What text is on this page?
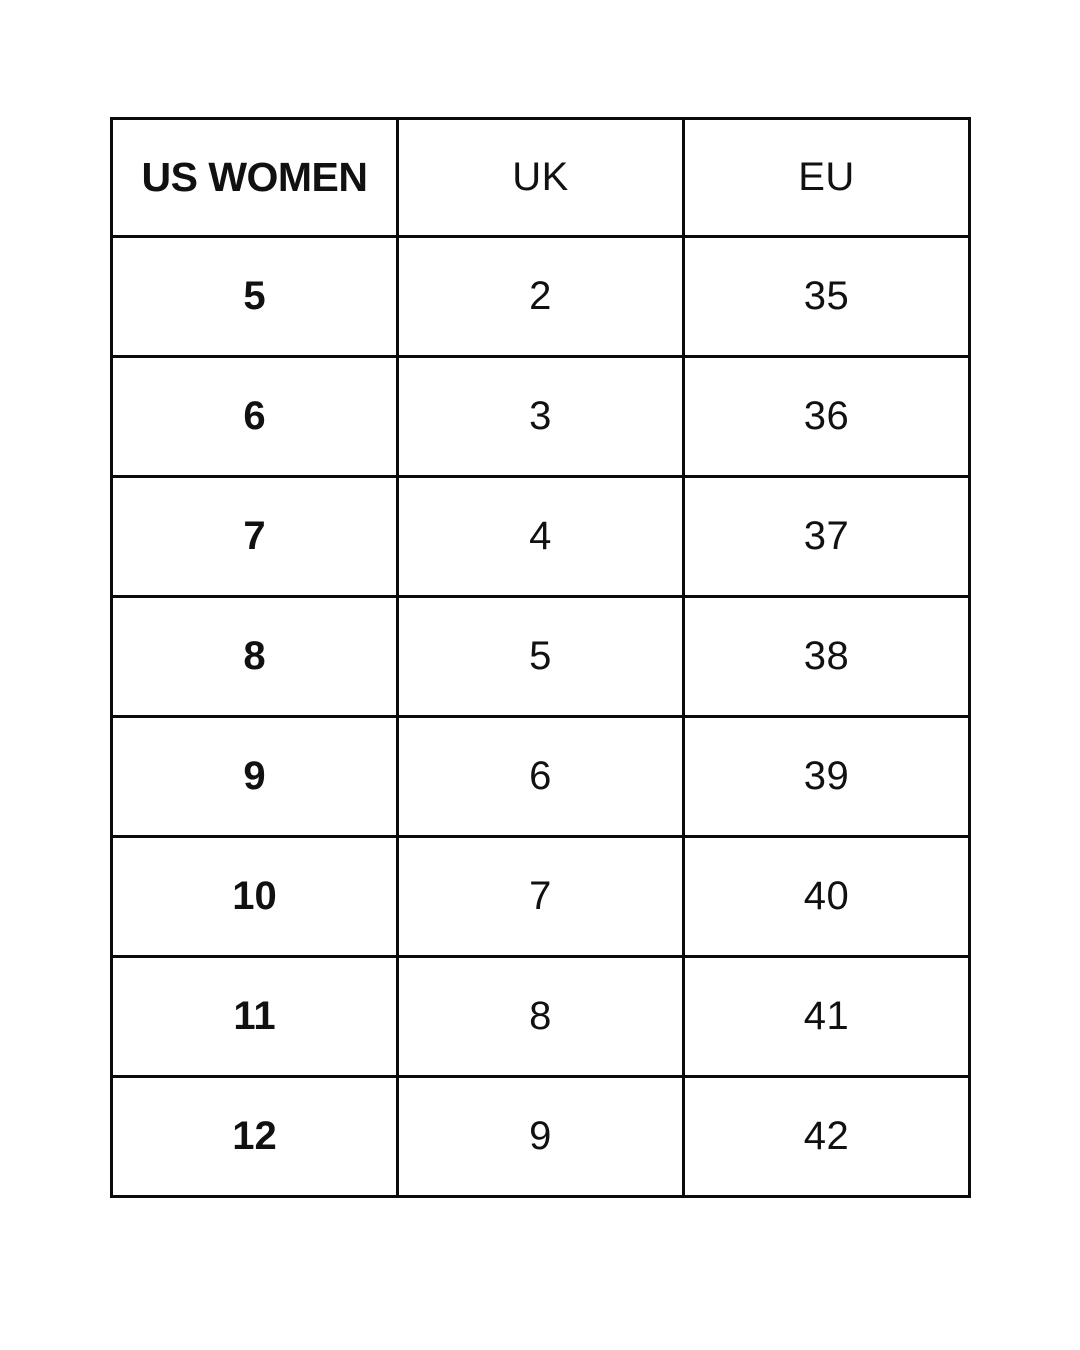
US WOMEN	UK	EU
5	2	35
6	3	36
7	4	37
8	5	38
9	6	39
10	7	40
11	8	41
12	9	42
